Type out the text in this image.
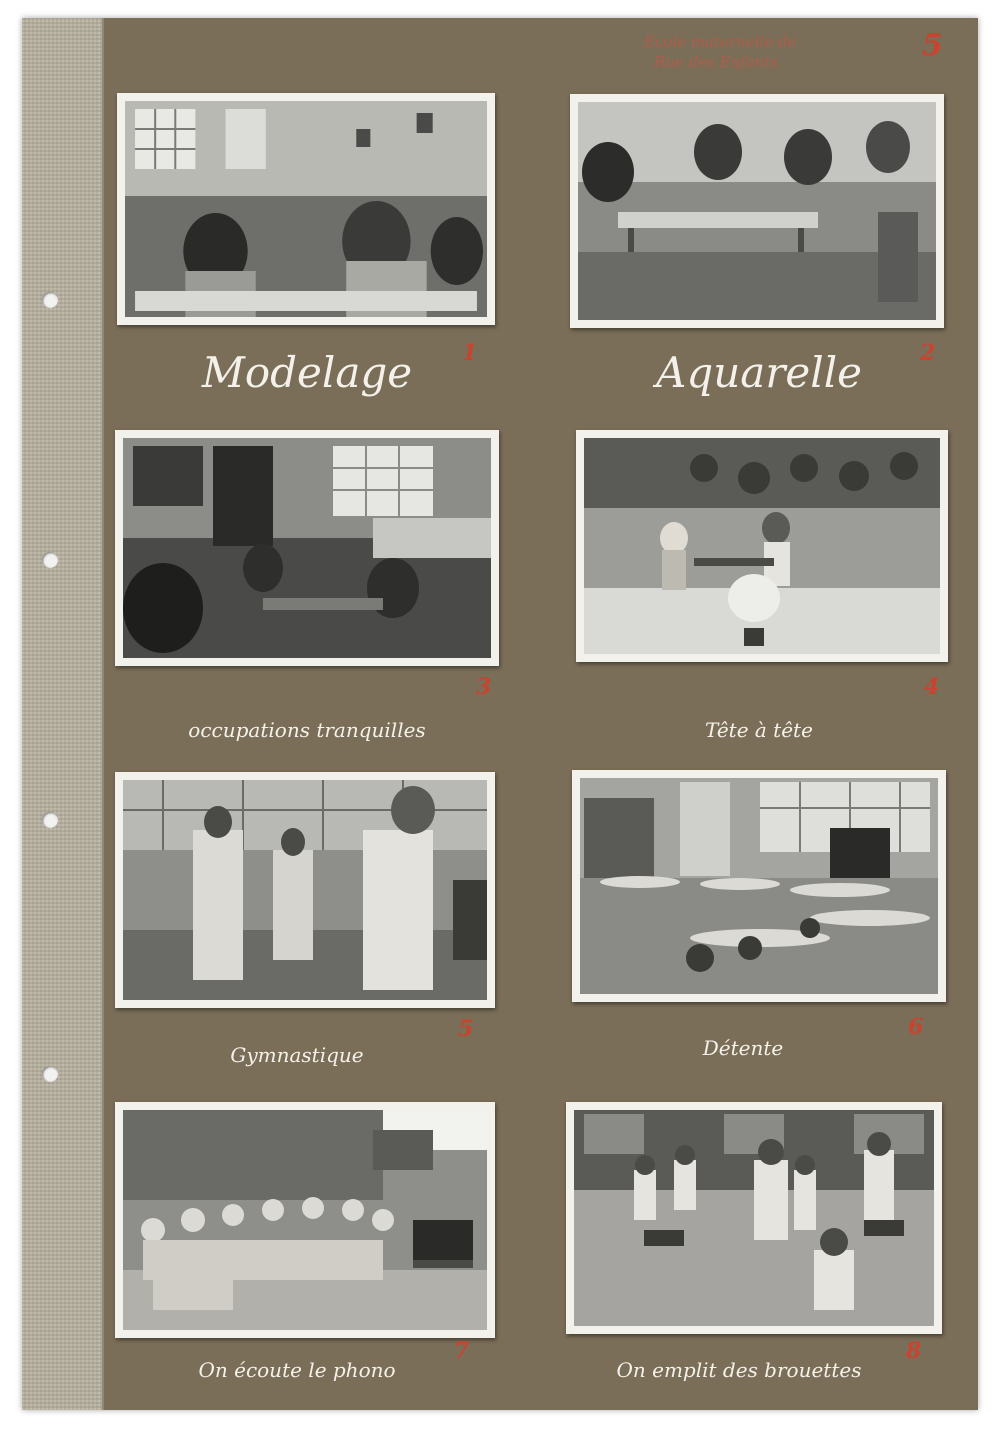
École maternelle de
Rue des Enfants	5
Modelage	1	Aquarelle	2
occupations tranquilles
3
Tête à tête
4
Gymnastique
5
Détente
6
On écoute le phono
7
On emplit des brouettes
8
